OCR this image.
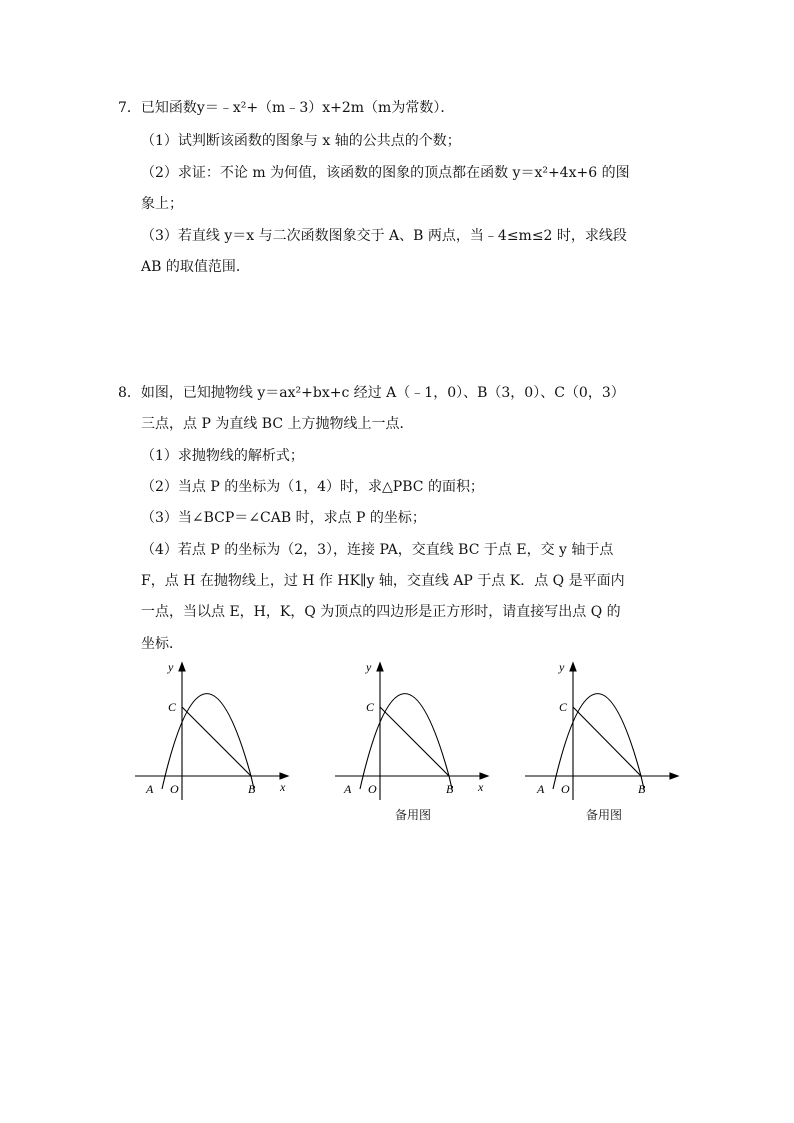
7．已知函数y＝﹣x²+（m﹣3）x+2m（m为常数）．
（1）试判断该函数的图象与 x 轴的公共点的个数；
（2）求证：不论 m 为何值，该函数的图象的顶点都在函数 y＝x²+4x+6 的图
象上；
（3）若直线 y＝x 与二次函数图象交于 A、B 两点，当﹣4≤m≤2 时，求线段
AB 的取值范围．
8．如图，已知抛物线 y＝ax²+bx+c 经过 A（﹣1，0）、B（3，0）、C（0，3）
三点，点 P 为直线 BC 上方抛物线上一点．
（1）求抛物线的解析式；
（2）当点 P 的坐标为（1，4）时，求△PBC 的面积；
（3）当∠BCP＝∠CAB 时，求点 P 的坐标；
（4）若点 P 的坐标为（2，3），连接 PA，交直线 BC 于点 E，交 y 轴于点
F，点 H 在抛物线上，过 H 作 HK∥y 轴，交直线 AP 于点 K．点 Q 是平面内
一点，当以点 E，H，K，Q 为顶点的四边形是正方形时，请直接写出点 Q 的
坐标．
y
x
C
A O	B
y
x
C
A O	B
备用图
y
C
A O	B
备用图
